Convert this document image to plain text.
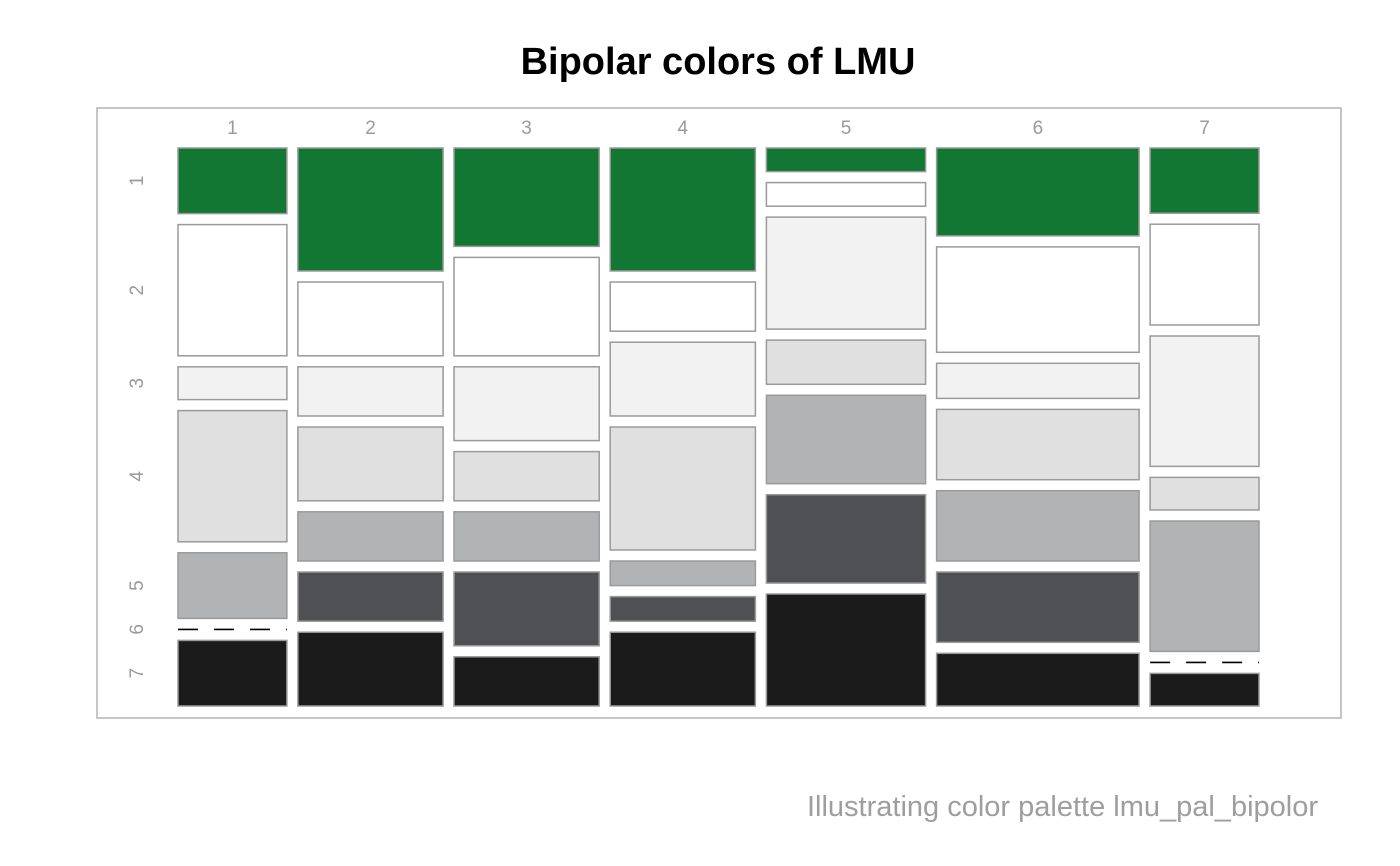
Bipolar colors of LMU
1	2	3	4	5	6	7
1
2
3
4
5
6
7
Illustrating color palette lmu_pal_bipolor
